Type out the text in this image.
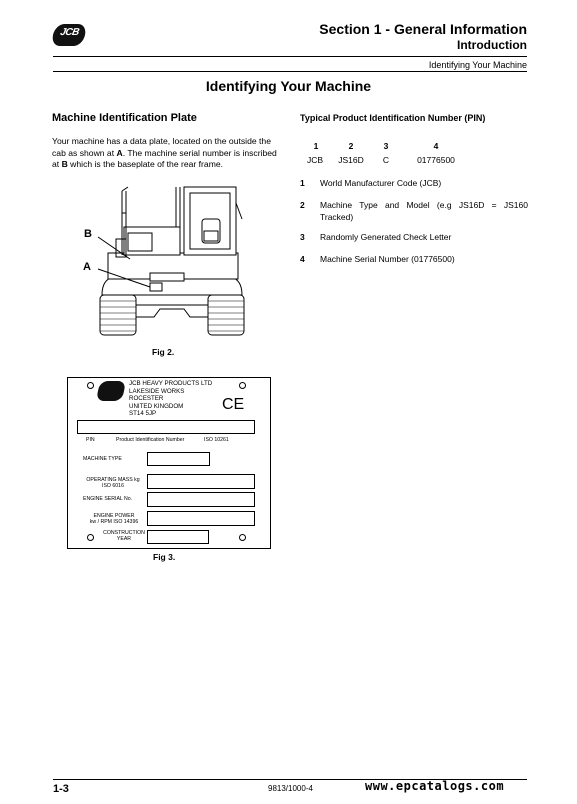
JCB	Section 1 - General Information
Introduction
Identifying Your Machine
Identifying Your Machine
Machine Identification Plate
Your machine has a data plate, located on the outside the cab as shown at A. The machine serial number is inscribed at B which is the baseplate of the rear frame.
B
A
Fig 2.
JCB HEAVY PRODUCTS LTD
LAKESIDE WORKS
ROCESTER
UNITED KINGDOM
ST14 5JP
CE
PIN	Product Identification Number	ISO 10261
MACHINE TYPE
OPERATING MASS kg
ISO 6016
ENGINE SERIAL No.
ENGINE POWER
kw / RPM ISO 14396
CONSTRUCTION
YEAR
Fig 3.
Typical Product Identification Number (PIN)
1	2	3	4
JCB	JS16D	C	01776500
1 World Manufacturer Code (JCB)
2 Machine Type and Model (e.g JS16D = JS160 Tracked)
3 Randomly Generated Check Letter
4 Machine Serial Number (01776500)
1-3	9813/1000-4	www.epcatalogs.com
